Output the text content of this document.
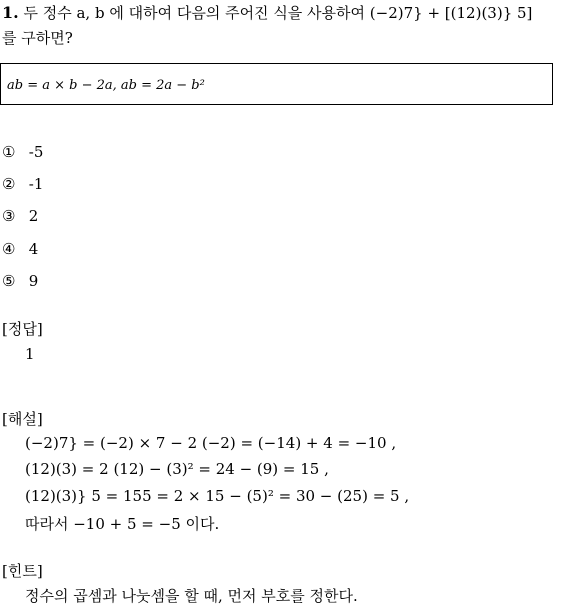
1. 두 정수 a, b 에 대하여 다음의 주어진 식을 사용하여 (−2)7} + [(12)(3)} 5]
를 구하면?
ab = a × b − 2a, ab = 2a − b²
① -5
② -1
③ 2
④ 4
⑤ 9
[정답]
1
[해설]
(−2)7} = (−2) × 7 − 2 (−2) = (−14) + 4 = −10 ,
(12)(3) = 2 (12) − (3)² = 24 − (9) = 15 ,
(12)(3)} 5 = 155 = 2 × 15 − (5)² = 30 − (25) = 5 ,
따라서 −10 + 5 = −5 이다.
[힌트]
정수의 곱셈과 나눗셈을 할 때, 먼저 부호를 정한다.
